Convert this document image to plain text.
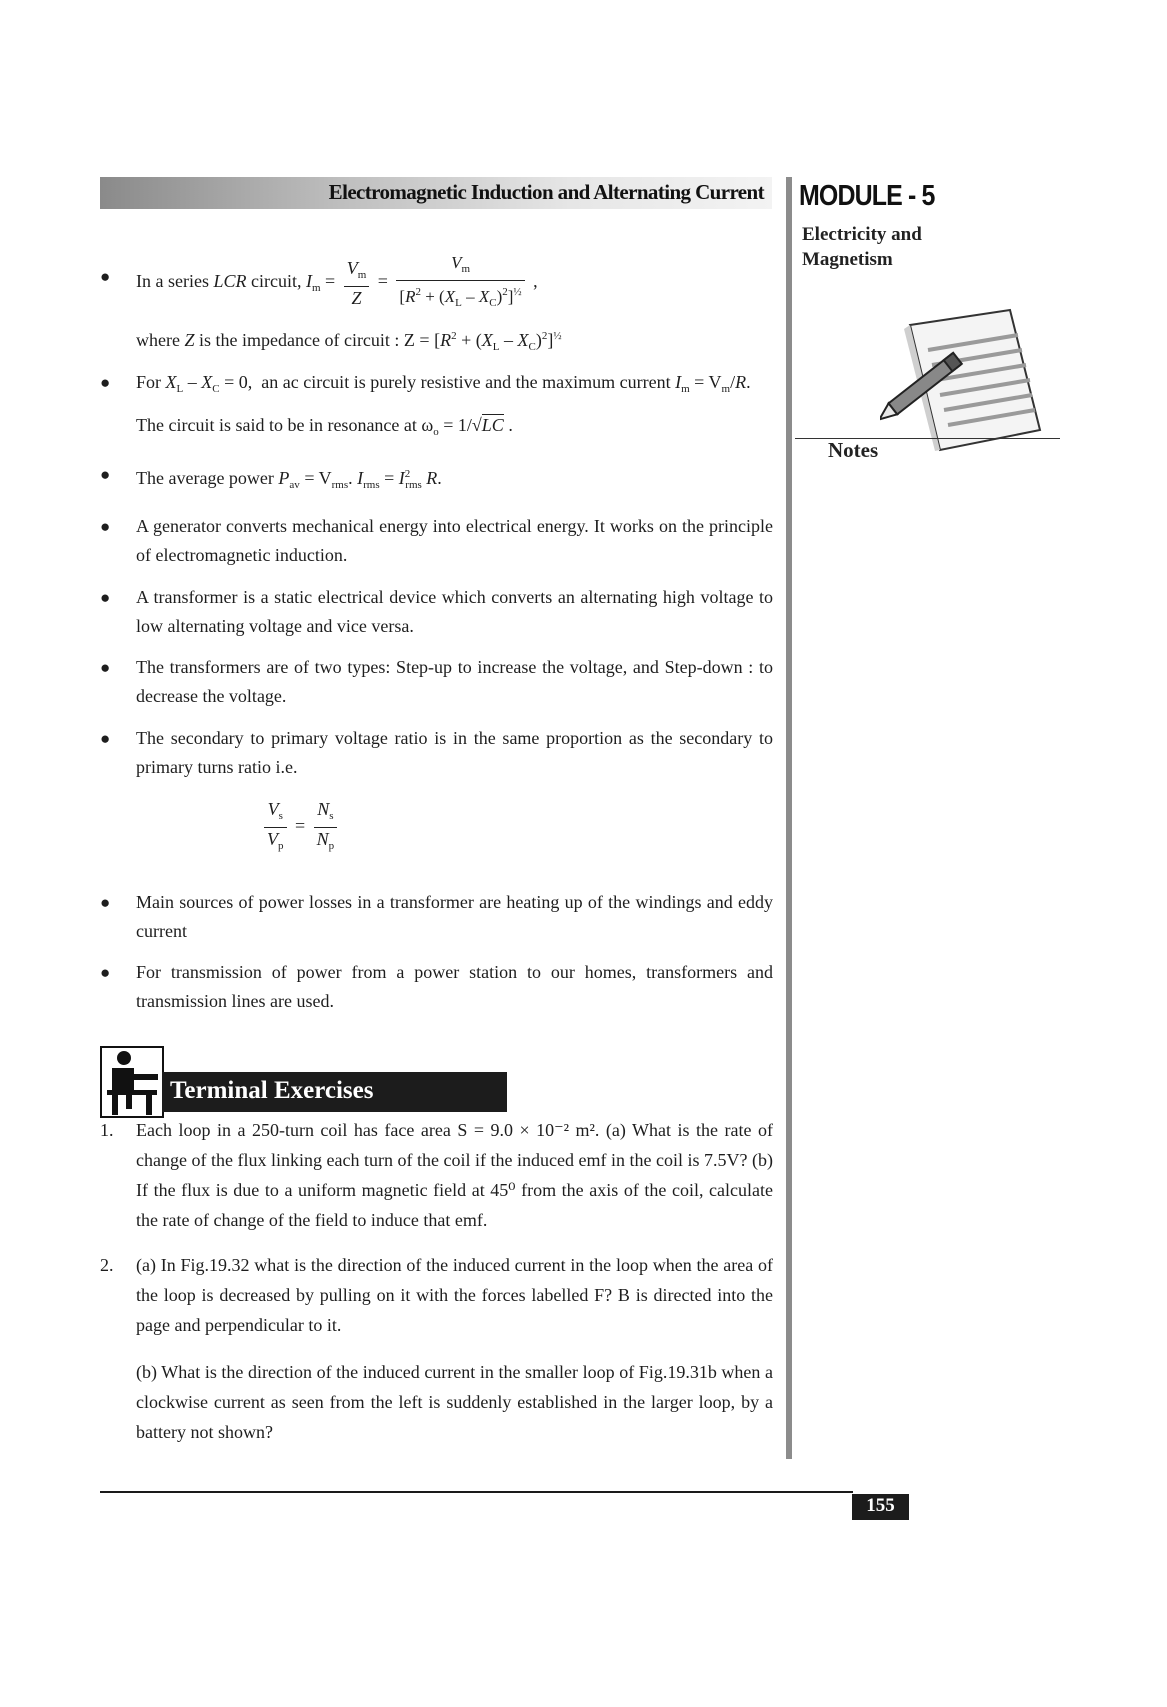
Electromagnetic Induction and Alternating Current MODULE - 5
Electricity and
Magnetism
Notes
● In a series LCR circuit, $I_m = \frac{V_m}{Z} = \frac{V_m}{[R^2 + (X_L - X_C)^2]^{\frac{1}{2}}}$ ,
where Z is the impedance of circuit : $Z = [R^2 + (X_L - X_C)^2]^{\frac{1}{2}}$
● For $X_L - X_C = 0$,  an ac circuit is purely resistive and the maximum current $I_m = V_m/R$.
The circuit is said to be in resonance at $\omega_o = 1/√LC$ .
● The average power $P_{av} = V_{rms}$. $I_{rms} = I^2_{rms}$ R.
● A generator converts mechanical energy into electrical energy. It works on the principle of electromagnetic induction.
● A transformer is a static electrical device which converts an alternating high voltage to low alternating voltage and vice versa.
● The transformers are of two types: Step-up to increase the voltage, and Step-down : to decrease the voltage.
● The secondary to primary voltage ratio is in the same proportion as the secondary to primary turns ratio i.e.
$\frac{V_s}{V_p} = \frac{N_s}{N_p}$
● Main sources of power losses in a transformer are heating up of the windings and eddy current
● For transmission of power from a power station to our homes, transformers and transmission lines are used.
1. Each loop in a 250-turn coil has face area S = 9.0 × 10⁻² m². (a) What is the rate of change of the flux linking each turn of the coil if the induced emf in the coil is 7.5V? (b) If the flux is due to a uniform magnetic field at 45⁰ from the axis of the coil, calculate the rate of change of the field to induce that emf.
2. (a) In Fig.19.32 what is the direction of the induced current in the loop when the area of the loop is decreased by pulling on it with the forces labelled F? B is directed into the page and perpendicular to it.
(b) What is the direction of the induced current in the smaller loop of Fig.19.31b when a clockwise current as seen from the left is suddenly established in the larger loop, by a battery not shown?
Terminal Exercises
155
